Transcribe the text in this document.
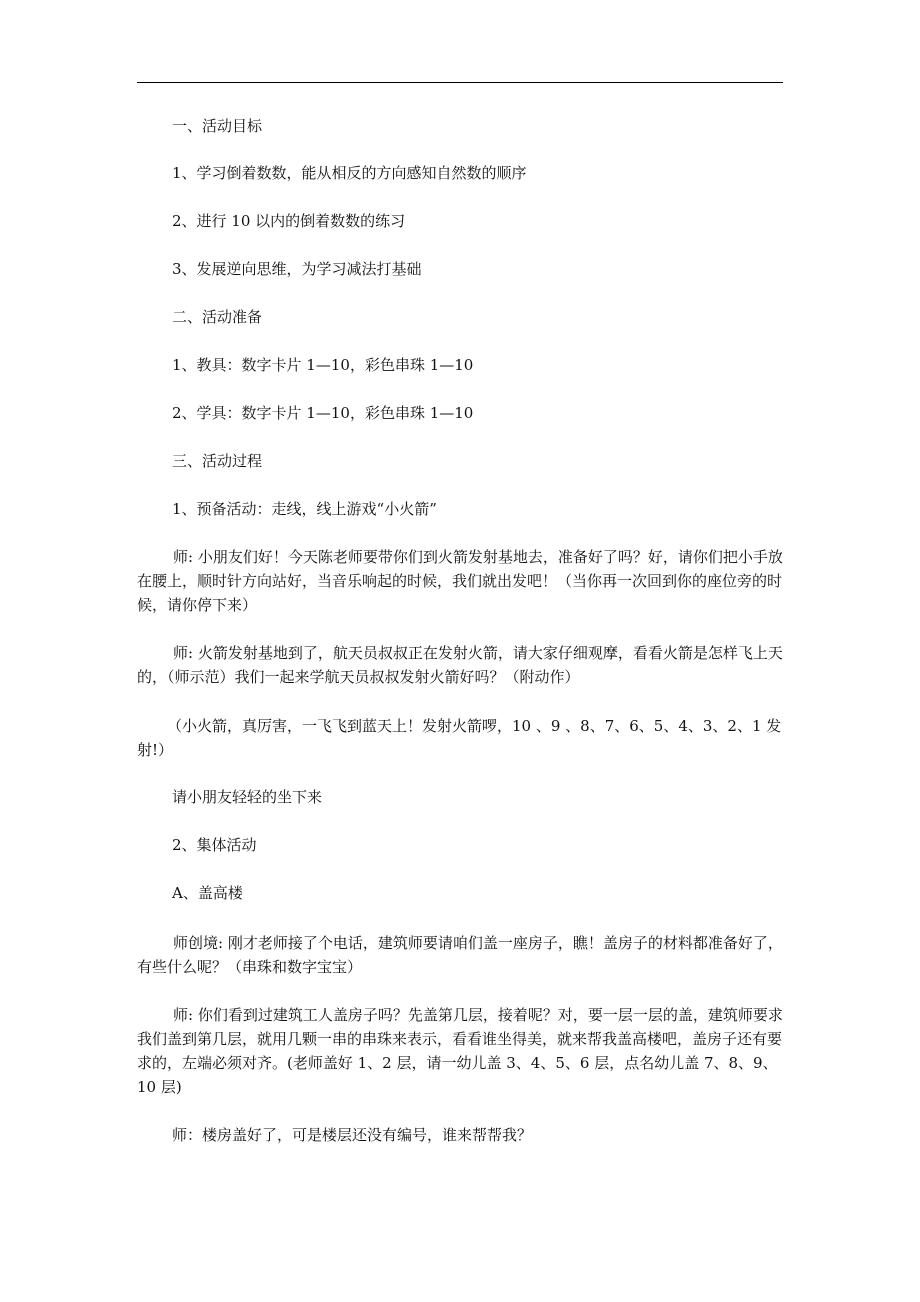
一、活动目标

1、学习倒着数数，能从相反的方向感知自然数的顺序

2、进行 10 以内的倒着数数的练习

3、发展逆向思维，为学习减法打基础

二、活动准备

1、教具：数字卡片 1—10，彩色串珠 1—10

2、学具：数字卡片 1—10，彩色串珠 1—10

三、活动过程

1、预备活动：走线，线上游戏“小火箭”

师: 小朋友们好！今天陈老师要带你们到火箭发射基地去，准备好了吗？好，请你们把小手放在腰上，顺时针方向站好，当音乐响起的时候，我们就出发吧！（当你再一次回到你的座位旁的时候，请你停下来）

师: 火箭发射基地到了，航天员叔叔正在发射火箭，请大家仔细观摩，看看火箭是怎样飞上天的，（师示范）我们一起来学航天员叔叔发射火箭好吗？（附动作）

（小火箭，真厉害，一飞飞到蓝天上！发射火箭啰，10 、9 、8、7、6、5、4、3、2、1 发射!）

请小朋友轻轻的坐下来

2、集体活动

A、盖高楼

师创境: 刚才老师接了个电话，建筑师要请咱们盖一座房子，瞧！盖房子的材料都准备好了，有些什么呢？（串珠和数字宝宝）

师: 你们看到过建筑工人盖房子吗？先盖第几层，接着呢？对，要一层一层的盖，建筑师要求我们盖到第几层，就用几颗一串的串珠来表示，看看谁坐得美，就来帮我盖高楼吧，盖房子还有要求的，左端必须对齐。(老师盖好 1、2 层，请一幼儿盖 3、4、5、6 层，点名幼儿盖 7、8、9、10 层)

师：楼房盖好了，可是楼层还没有编号，谁来帮帮我？
